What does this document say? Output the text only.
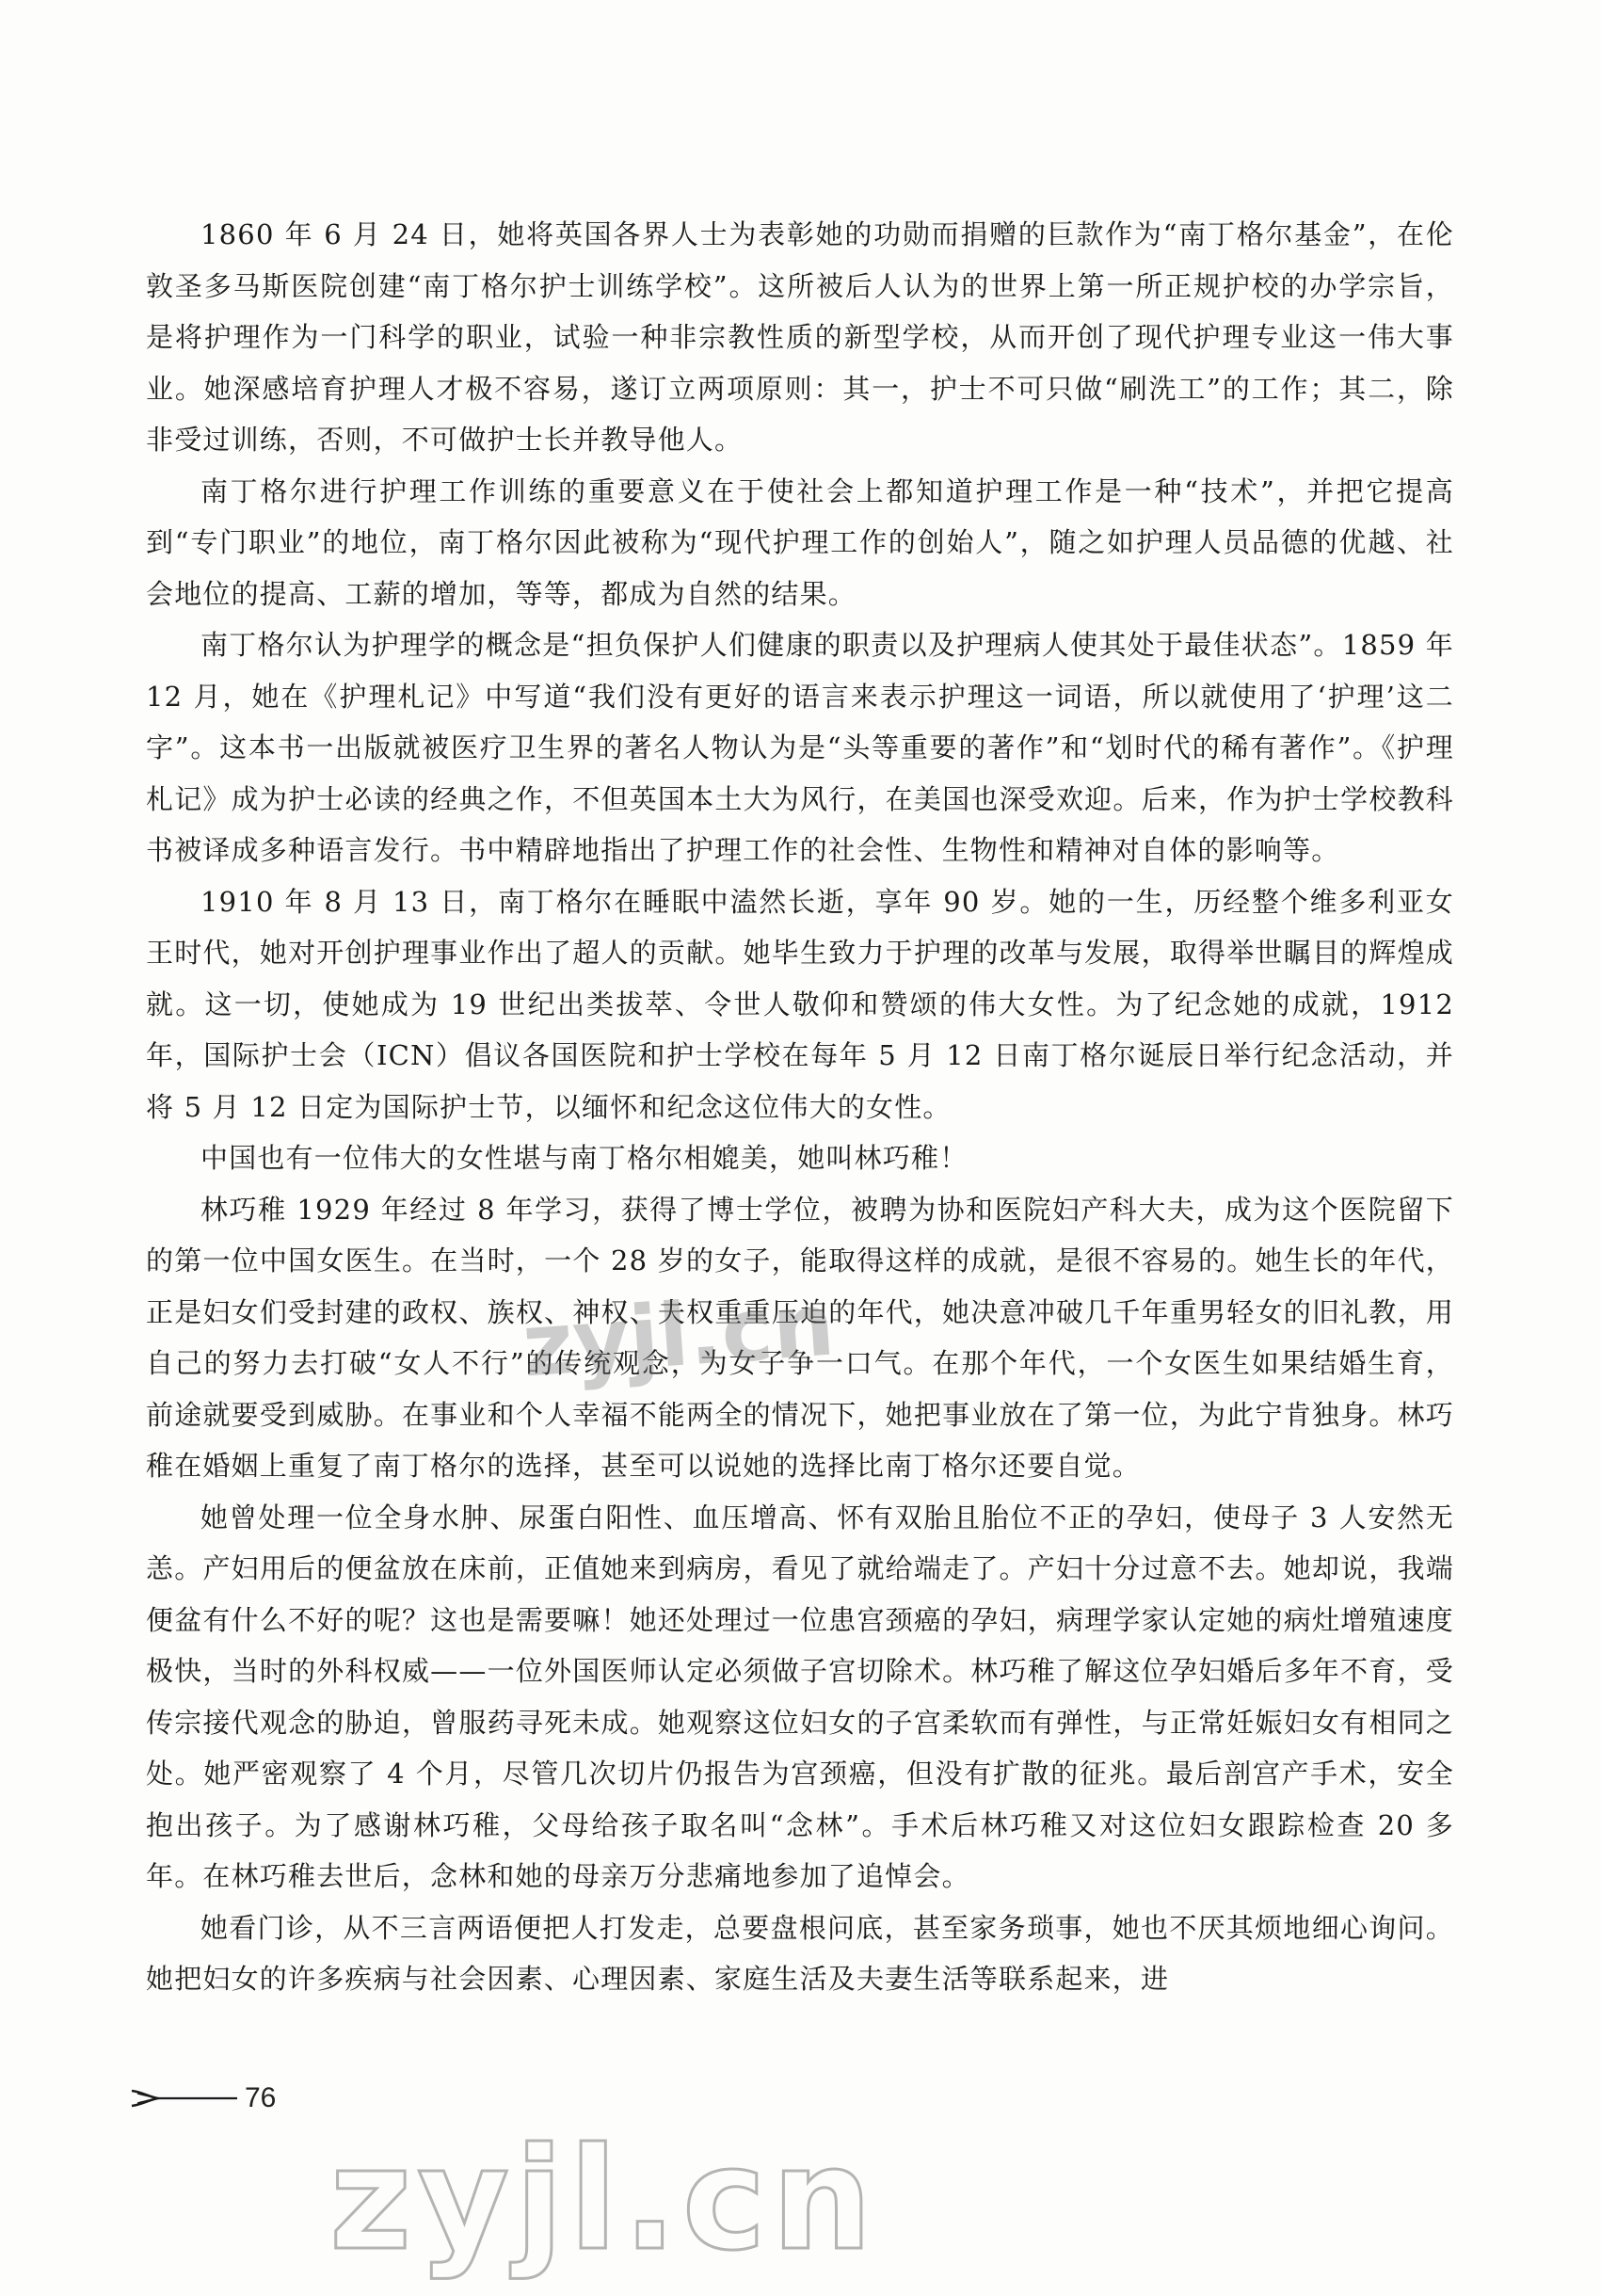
1860 年 6 月 24 日，她将英国各界人士为表彰她的功勋而捐赠的巨款作为“南丁格尔基金”，在伦敦圣多马斯医院创建“南丁格尔护士训练学校”。这所被后人认为的世界上第一所正规护校的办学宗旨，是将护理作为一门科学的职业，试验一种非宗教性质的新型学校，从而开创了现代护理专业这一伟大事业。她深感培育护理人才极不容易，遂订立两项原则：其一，护士不可只做“刷洗工”的工作；其二，除非受过训练，否则，不可做护士长并教导他人。

南丁格尔进行护理工作训练的重要意义在于使社会上都知道护理工作是一种“技术”，并把它提高到“专门职业”的地位，南丁格尔因此被称为“现代护理工作的创始人”，随之如护理人员品德的优越、社会地位的提高、工薪的增加，等等，都成为自然的结果。

南丁格尔认为护理学的概念是“担负保护人们健康的职责以及护理病人使其处于最佳状态”。1859 年 12 月，她在《护理札记》中写道“我们没有更好的语言来表示护理这一词语，所以就使用了‘护理’这二字”。这本书一出版就被医疗卫生界的著名人物认为是“头等重要的著作”和“划时代的稀有著作”。《护理札记》成为护士必读的经典之作，不但英国本土大为风行，在美国也深受欢迎。后来，作为护士学校教科书被译成多种语言发行。书中精辟地指出了护理工作的社会性、生物性和精神对自体的影响等。

1910 年 8 月 13 日，南丁格尔在睡眠中溘然长逝，享年 90 岁。她的一生，历经整个维多利亚女王时代，她对开创护理事业作出了超人的贡献。她毕生致力于护理的改革与发展，取得举世瞩目的辉煌成就。这一切，使她成为 19 世纪出类拔萃、令世人敬仰和赞颂的伟大女性。为了纪念她的成就，1912 年，国际护士会（ICN）倡议各国医院和护士学校在每年 5 月 12 日南丁格尔诞辰日举行纪念活动，并将 5 月 12 日定为国际护士节，以缅怀和纪念这位伟大的女性。

中国也有一位伟大的女性堪与南丁格尔相媲美，她叫林巧稚！

林巧稚 1929 年经过 8 年学习，获得了博士学位，被聘为协和医院妇产科大夫，成为这个医院留下的第一位中国女医生。在当时，一个 28 岁的女子，能取得这样的成就，是很不容易的。她生长的年代，正是妇女们受封建的政权、族权、神权、夫权重重压迫的年代，她决意冲破几千年重男轻女的旧礼教，用自己的努力去打破“女人不行”的传统观念，为女子争一口气。在那个年代，一个女医生如果结婚生育，前途就要受到威胁。在事业和个人幸福不能两全的情况下，她把事业放在了第一位，为此宁肯独身。林巧稚在婚姻上重复了南丁格尔的选择，甚至可以说她的选择比南丁格尔还要自觉。

她曾处理一位全身水肿、尿蛋白阳性、血压增高、怀有双胎且胎位不正的孕妇，使母子 3 人安然无恙。产妇用后的便盆放在床前，正值她来到病房，看见了就给端走了。产妇十分过意不去。她却说，我端便盆有什么不好的呢？这也是需要嘛！她还处理过一位患宫颈癌的孕妇，病理学家认定她的病灶增殖速度极快，当时的外科权威——一位外国医师认定必须做子宫切除术。林巧稚了解这位孕妇婚后多年不育，受传宗接代观念的胁迫，曾服药寻死未成。她观察这位妇女的子宫柔软而有弹性，与正常妊娠妇女有相同之处。她严密观察了 4 个月，尽管几次切片仍报告为宫颈癌，但没有扩散的征兆。最后剖宫产手术，安全抱出孩子。为了感谢林巧稚，父母给孩子取名叫“念林”。手术后林巧稚又对这位妇女跟踪检查 20 多年。在林巧稚去世后，念林和她的母亲万分悲痛地参加了追悼会。

她看门诊，从不三言两语便把人打发走，总要盘根问底，甚至家务琐事，她也不厌其烦地细心询问。她把妇女的许多疾病与社会因素、心理因素、家庭生活及夫妻生活等联系起来，进

zyjl.cn
76
zyjl.cn
